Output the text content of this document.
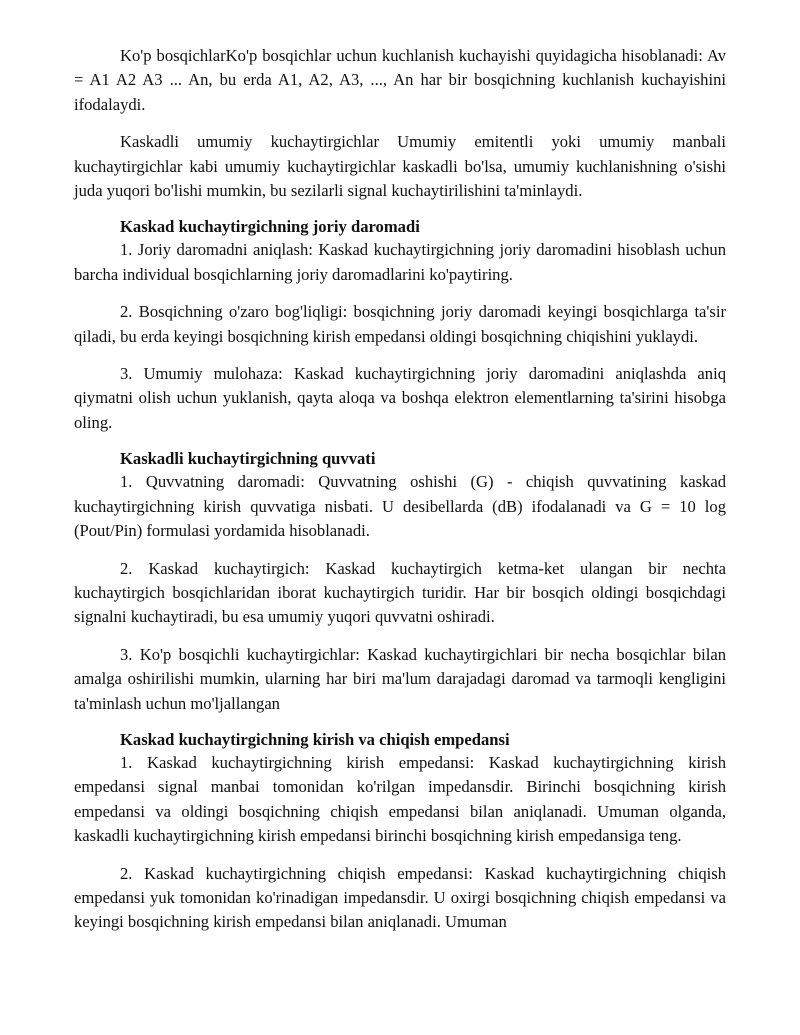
Ko'p bosqichlarKo'p bosqichlar uchun kuchlanish kuchayishi quyidagicha hisoblanadi: Av = A1 A2 A3 ... An, bu erda A1, A2, A3, ..., An har bir bosqichning kuchlanish kuchayishini ifodalaydi.

Kaskadli umumiy kuchaytirgichlar Umumiy emitentli yoki umumiy manbali kuchaytirgichlar kabi umumiy kuchaytirgichlar kaskadli bo'lsa, umumiy kuchlanishning o'sishi juda yuqori bo'lishi mumkin, bu sezilarli signal kuchaytirilishini ta'minlaydi.

Kaskad kuchaytirgichning joriy daromadi

1. Joriy daromadni aniqlash: Kaskad kuchaytirgichning joriy daromadini hisoblash uchun barcha individual bosqichlarning joriy daromadlarini ko'paytiring.

2. Bosqichning o'zaro bog'liqligi: bosqichning joriy daromadi keyingi bosqichlarga ta'sir qiladi, bu erda keyingi bosqichning kirish empedansi oldingi bosqichning chiqishini yuklaydi.

3. Umumiy mulohaza: Kaskad kuchaytirgichning joriy daromadini aniqlashda aniq qiymatni olish uchun yuklanish, qayta aloqa va boshqa elektron elementlarning ta'sirini hisobga oling.

Kaskadli kuchaytirgichning quvvati

1. Quvvatning daromadi: Quvvatning oshishi (G) - chiqish quvvatining kaskad kuchaytirgichning kirish quvvatiga nisbati. U desibellarda (dB) ifodalanadi va G = 10 log (Pout/Pin) formulasi yordamida hisoblanadi.

2. Kaskad kuchaytirgich: Kaskad kuchaytirgich ketma-ket ulangan bir nechta kuchaytirgich bosqichlaridan iborat kuchaytirgich turidir. Har bir bosqich oldingi bosqichdagi signalni kuchaytiradi, bu esa umumiy yuqori quvvatni oshiradi.

3. Ko'p bosqichli kuchaytirgichlar: Kaskad kuchaytirgichlari bir necha bosqichlar bilan amalga oshirilishi mumkin, ularning har biri ma'lum darajadagi daromad va tarmoqli kengligini ta'minlash uchun mo'ljallangan

Kaskad kuchaytirgichning kirish va chiqish empedansi

1. Kaskad kuchaytirgichning kirish empedansi: Kaskad kuchaytirgichning kirish empedansi signal manbai tomonidan ko'rilgan impedansdir. Birinchi bosqichning kirish empedansi va oldingi bosqichning chiqish empedansi bilan aniqlanadi. Umuman olganda, kaskadli kuchaytirgichning kirish empedansi birinchi bosqichning kirish empedansiga teng.

2. Kaskad kuchaytirgichning chiqish empedansi: Kaskad kuchaytirgichning chiqish empedansi yuk tomonidan ko'rinadigan impedansdir. U oxirgi bosqichning chiqish empedansi va keyingi bosqichning kirish empedansi bilan aniqlanadi. Umuman
